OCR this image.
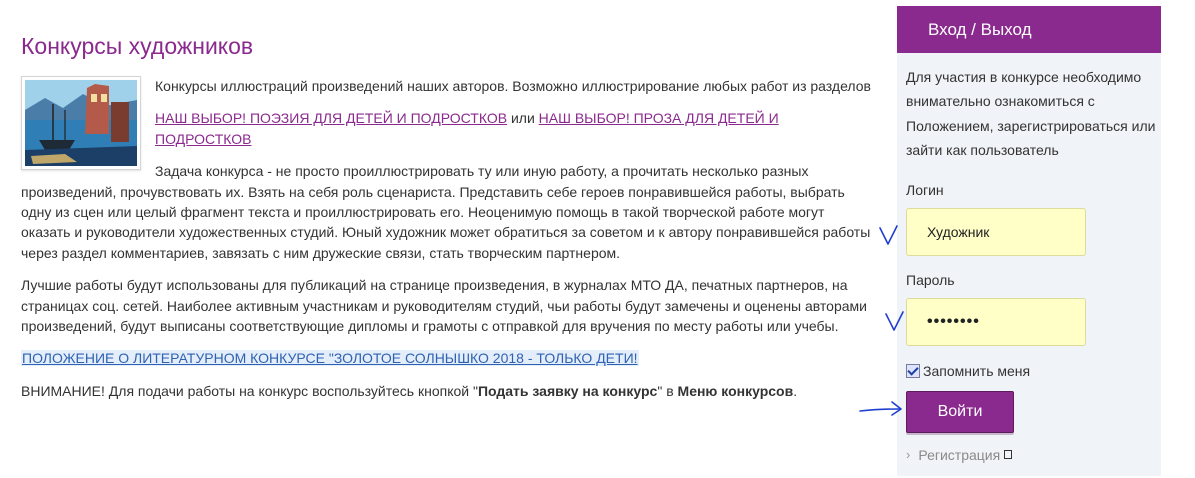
Конкурсы художников

Конкурсы иллюстраций произведений наших авторов. Возможно иллюстрирование любых работ из разделов

НАШ ВЫБОР! ПОЭЗИЯ ДЛЯ ДЕТЕЙ И ПОДРОСТКОВ или НАШ ВЫБОР! ПРОЗА ДЛЯ ДЕТЕЙ И ПОДРОСТКОВ

Задача конкурса - не просто проиллюстрировать ту или иную работу, а прочитать несколько разных произведений, прочувствовать их. Взять на себя роль сценариста. Представить себе героев понравившейся работы, выбрать одну из сцен или целый фрагмент текста и проиллюстрировать его. Неоценимую помощь в такой творческой работе могут оказать и руководители художественных студий. Юный художник может обратиться за советом и к автору понравившейся работы через раздел комментариев, завязать с ним дружеские связи, стать творческим партнером.

Лучшие работы будут использованы для публикаций на странице произведения, в журналах МТО ДА, печатных партнеров, на страницах соц. сетей. Наиболее активным участникам и руководителям студий, чьи работы будут замечены и оценены авторами произведений, будут выписаны соответствующие дипломы и грамоты с отправкой для вручения по месту работы или учебы.

ПОЛОЖЕНИЕ О ЛИТЕРАТУРНОМ КОНКУРСЕ "ЗОЛОТОЕ СОЛНЫШКО 2018 - ТОЛЬКО ДЕТИ!

ВНИМАНИЕ! Для подачи работы на конкурс воспользуйтесь кнопкой "Подать заявку на конкурс" в Меню конкурсов.

Вход / Выход

Для участия в конкурсе необходимо внимательно ознакомиться с Положением, зарегистрироваться или зайти как пользователь

Логин
Художник
Пароль
••••••••
Запомнить меня
Войти
› Регистрация
